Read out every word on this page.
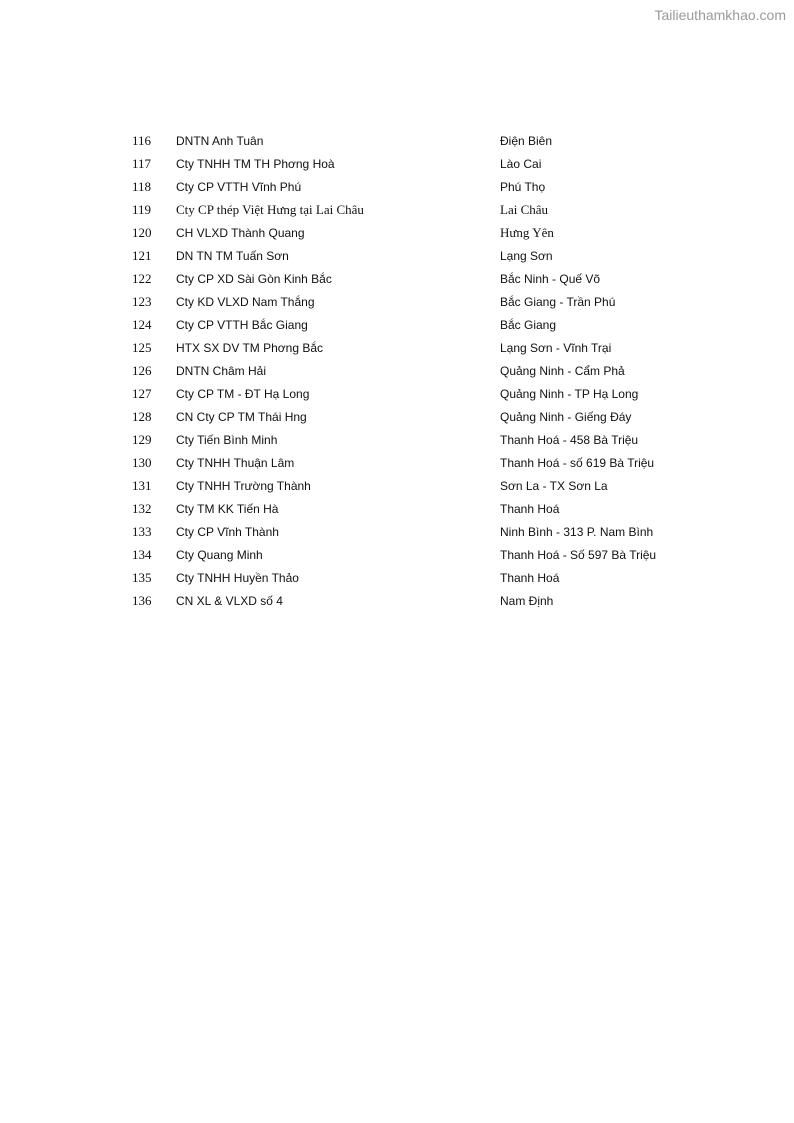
Tailieuthamkhao.com
116 DNTN Anh Tuân	Điện Biên
117 Cty TNHH TM TH Phơng Hoà	Lào Cai
118 Cty CP VTTH Vĩnh Phú	Phú Thọ
119 Cty CP thép Việt Hưng tại Lai Châu	Lai Châu
120 CH VLXD Thành Quang	Hưng Yên
121 DN TN TM Tuấn Sơn	Lạng Sơn
122 Cty CP XD Sài Gòn Kinh Bắc	Bắc Ninh - Quế Võ
123 Cty KD VLXD Nam Thắng	Bắc Giang - Trần Phú
124 Cty CP VTTH Bắc Giang	Bắc Giang
125 HTX SX DV TM Phơng Bắc	Lạng Sơn - Vĩnh Trại
126 DNTN Châm Hải	Quảng Ninh - Cẩm Phả
127 Cty CP TM - ĐT Hạ Long	Quảng Ninh - TP Hạ Long
128 CN Cty CP TM Thái Hng	Quảng Ninh - Giếng Đáy
129 Cty Tiến Bình Minh	Thanh Hoá - 458 Bà Triệu
130 Cty TNHH Thuận Lâm	Thanh Hoá - số 619 Bà Triệu
131 Cty TNHH Trường Thành	Sơn La - TX Sơn La
132 Cty TM KK Tiến Hà	Thanh Hoá
133 Cty CP Vĩnh Thành	Ninh Bình - 313 P. Nam Bình
134 Cty Quang Minh	Thanh Hoá - Số 597 Bà Triệu
135 Cty TNHH Huyền Thảo	Thanh Hoá
136 CN XL & VLXD số 4	Nam Định
